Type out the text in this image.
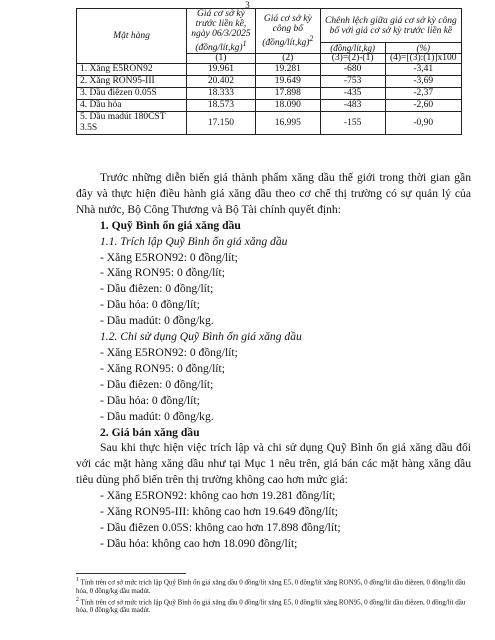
3
Mặt hàng	Giá cơ sở kỳ trước liền kề, ngày 06/3/2025 (đồng/lít,kg)$^1$	Giá cơ sở kỳ công bố (đồng/lít,kg)$^2$	Chênh lệch giữa giá cơ sở kỳ công bố với giá cơ sở kỳ trước liền kề	
			(đồng/lít,kg)	(%)
	(1)	(2)	(3)=(2)-(1)	(4)=[(3):(1)]x100
1. Xăng E5RON92	19.961	19.281	-680	-3,41
2. Xăng RON95-III	20.402	19.649	-753	-3,69
3. Dầu điêzen 0.05S	18.333	17.898	-435	-2,37
4. Dầu hỏa	18.573	18.090	-483	-2,60
5. Dầu madút 180CST 3.5S	17.150	16.995	-155	-0,90

Trước những diễn biến giá thành phẩm xăng dầu thế giới trong thời gian gần đây và thực hiện điều hành giá xăng dầu theo cơ chế thị trường có sự quản lý của Nhà nước, Bộ Công Thương và Bộ Tài chính quyết định:

1. Quỹ Bình ổn giá xăng dầu

1.1. Trích lập Quỹ Bình ổn giá xăng dầu

- Xăng E5RON92: 0 đồng/lít;

- Xăng RON95: 0 đồng/lít;

- Dầu điêzen: 0 đồng/lít;

- Dầu hỏa: 0 đồng/lít;

- Dầu madút: 0 đồng/kg.

1.2. Chi sử dụng Quỹ Bình ổn giá xăng dầu

- Xăng E5RON92: 0 đồng/lít;

- Xăng RON95: 0 đồng/lít;

- Dầu điêzen: 0 đồng/lít;

- Dầu hỏa: 0 đồng/lít;

- Dầu madút: 0 đồng/kg.

2. Giá bán xăng dầu

Sau khi thực hiện việc trích lập và chi sử dụng Quỹ Bình ổn giá xăng dầu đối với các mặt hàng xăng dầu như tại Mục 1 nêu trên, giá bán các mặt hàng xăng dầu tiêu dùng phổ biến trên thị trường không cao hơn mức giá:

- Xăng E5RON92: không cao hơn 19.281 đồng/lít;

- Xăng RON95-III: không cao hơn 19.649 đồng/lít;

- Dầu điêzen 0.05S: không cao hơn 17.898 đồng/lít;

- Dầu hỏa: không cao hơn 18.090 đồng/lít;

$^1$ Tính trên cơ sở mức trích lập Quỹ Bình ổn giá xăng dầu 0 đồng/lít xăng E5, 0 đồng/lít xăng RON95, 0 đồng/lít dầu điêzen, 0 đồng/lít dầu hỏa, 0 đồng/kg dầu madút.

$^2$ Tính trên cơ sở mức trích lập Quỹ Bình ổn giá xăng dầu 0 đồng/lít xăng E5, 0 đồng/lít xăng RON95, 0 đồng/lít dầu điêzen, 0 đồng/lít dầu hỏa, 0 đồng/kg dầu madút.
